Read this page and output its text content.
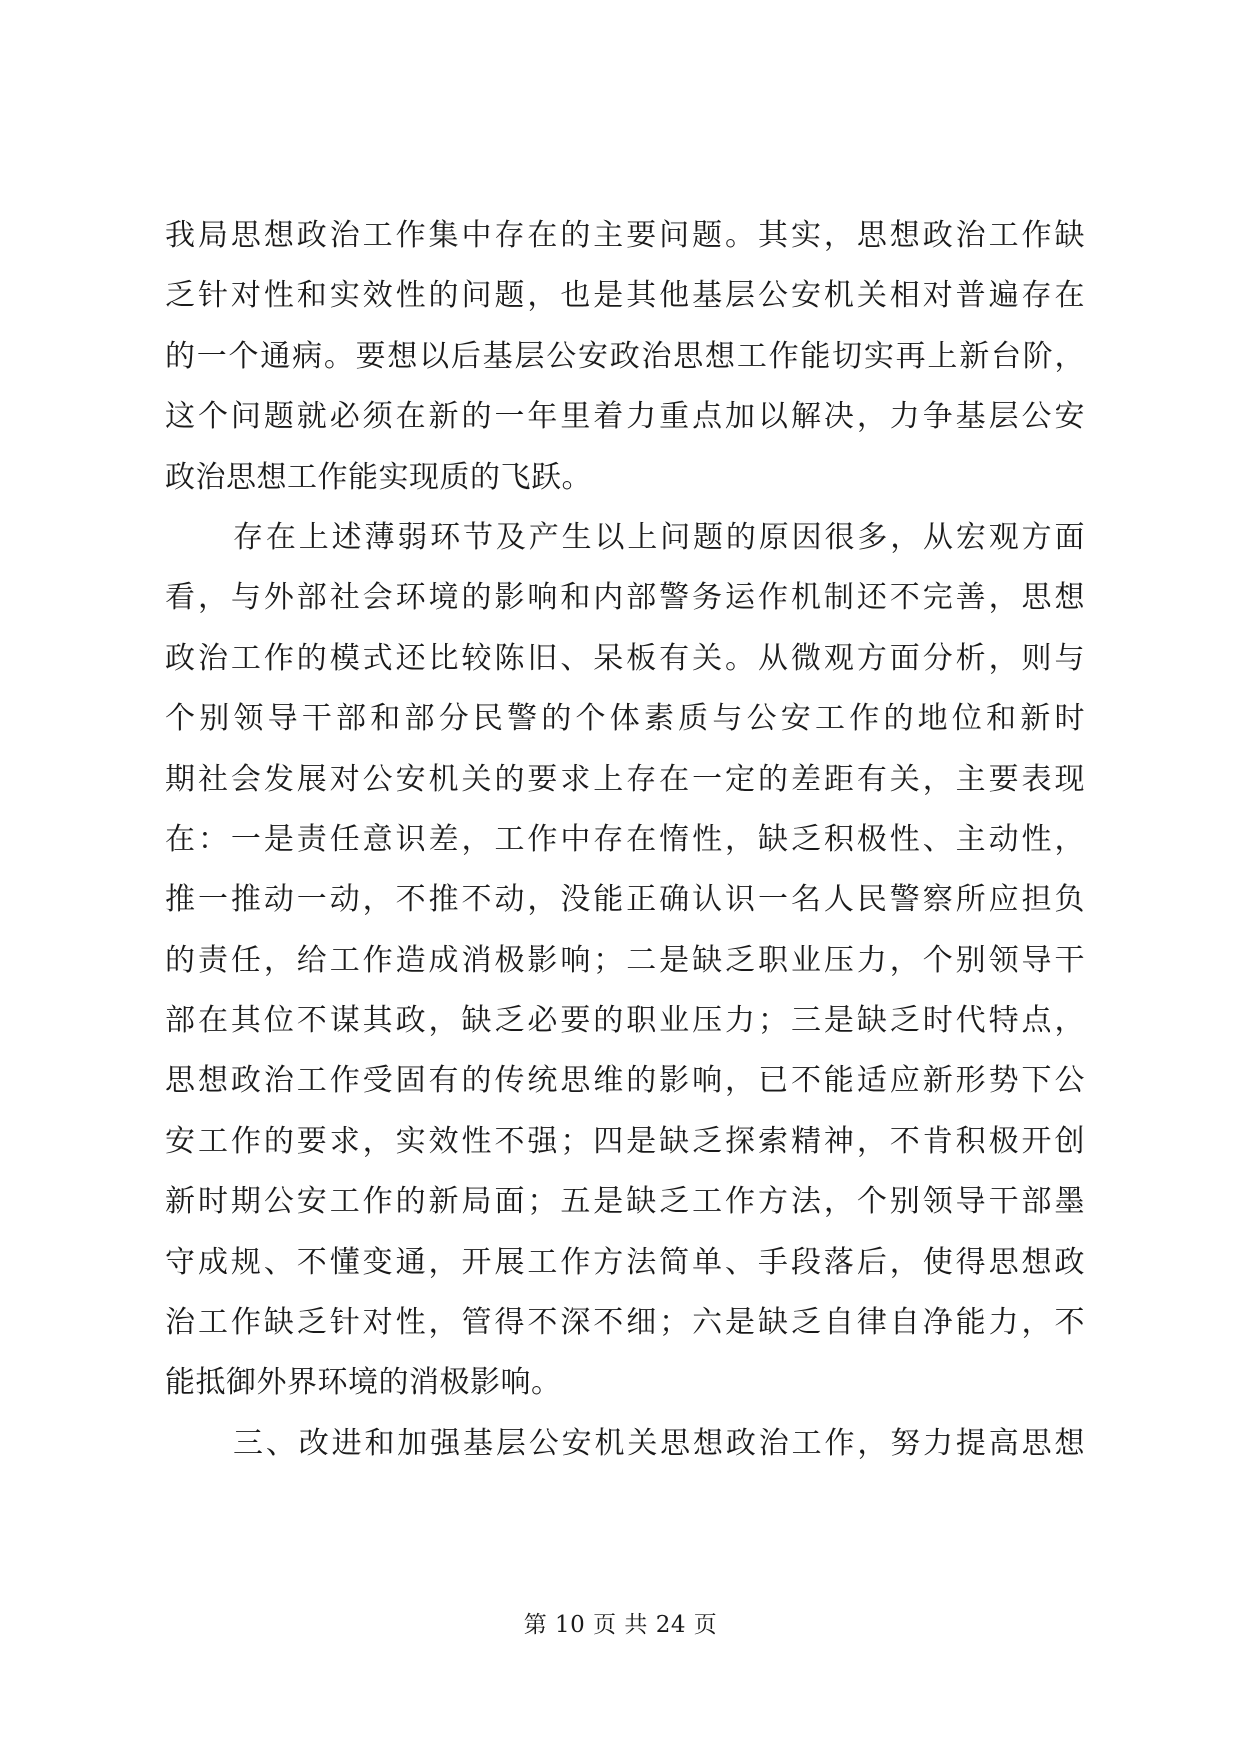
我局思想政治工作集中存在的主要问题。其实，思想政治工作缺
乏针对性和实效性的问题，也是其他基层公安机关相对普遍存在
的一个通病。要想以后基层公安政治思想工作能切实再上新台阶，
这个问题就必须在新的一年里着力重点加以解决，力争基层公安
政治思想工作能实现质的飞跃。
存在上述薄弱环节及产生以上问题的原因很多，从宏观方面
看，与外部社会环境的影响和内部警务运作机制还不完善，思想
政治工作的模式还比较陈旧、呆板有关。从微观方面分析，则与
个别领导干部和部分民警的个体素质与公安工作的地位和新时
期社会发展对公安机关的要求上存在一定的差距有关，主要表现
在：一是责任意识差，工作中存在惰性，缺乏积极性、主动性，
推一推动一动，不推不动，没能正确认识一名人民警察所应担负
的责任，给工作造成消极影响；二是缺乏职业压力，个别领导干
部在其位不谋其政，缺乏必要的职业压力；三是缺乏时代特点，
思想政治工作受固有的传统思维的影响，已不能适应新形势下公
安工作的要求，实效性不强；四是缺乏探索精神，不肯积极开创
新时期公安工作的新局面；五是缺乏工作方法，个别领导干部墨
守成规、不懂变通，开展工作方法简单、手段落后，使得思想政
治工作缺乏针对性，管得不深不细；六是缺乏自律自净能力，不
能抵御外界环境的消极影响。
三、改进和加强基层公安机关思想政治工作，努力提高思想
第 10 页 共 24 页
